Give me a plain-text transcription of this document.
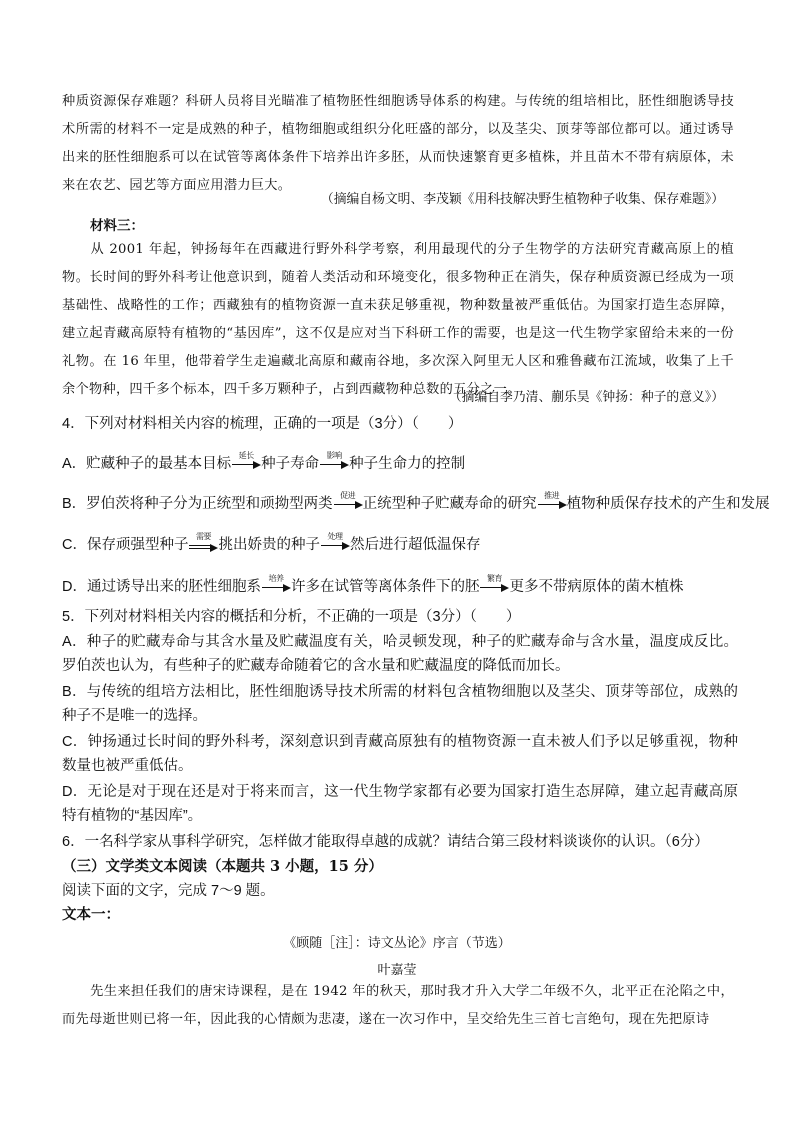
种质资源保存难题？科研人员将目光瞄准了植物胚性细胞诱导体系的构建。与传统的组培相比，胚性细胞诱导技术所需的材料不一定是成熟的种子，植物细胞或组织分化旺盛的部分，以及茎尖、顶芽等部位都可以。通过诱导出来的胚性细胞系可以在试管等离体条件下培养出许多胚，从而快速繁育更多植株，并且苗木不带有病原体，未来在农艺、园艺等方面应用潜力巨大。

（摘编自杨文明、李茂颖《用科技解决野生植物种子收集、保存难题》）

材料三：

从 2001 年起，钟扬每年在西藏进行野外科学考察，利用最现代的分子生物学的方法研究青藏高原上的植物。长时间的野外科考让他意识到，随着人类活动和环境变化，很多物种正在消失，保存种质资源已经成为一项基础性、战略性的工作；西藏独有的植物资源一直未获足够重视，物种数量被严重低估。为国家打造生态屏障，建立起青藏高原特有植物的“基因库”，这不仅是应对当下科研工作的需要，也是这一代生物学家留给未来的一份礼物。在 16 年里，他带着学生走遍藏北高原和藏南谷地，多次深入阿里无人区和雅鲁藏布江流域，收集了上千余个物种，四千多个标本，四千多万颗种子，占到西藏物种总数的五分之一。

（摘编自李乃清、蒯乐昊《钟扬：种子的意义》）

4．下列对材料相关内容的梳理，正确的一项是（3分）（　　）

A．贮藏种子的最基本目标
延长
种子寿命
影响
种子生命力的控制
B．罗伯茨将种子分为正统型和顽拗型两类
促进
正统型种子贮藏寿命的研究
推进
植物种质保存技术的产生和发展
C．保存顽强型种子
需要
挑出娇贵的种子
处理
然后进行超低温保存
D．通过诱导出来的胚性细胞系
培养
许多在试管等离体条件下的胚
繁育
更多不带病原体的菌木植株

5．下列对材料相关内容的概括和分析，不正确的一项是（3分）（　　）

A．种子的贮藏寿命与其含水量及贮藏温度有关，哈灵顿发现，种子的贮藏寿命与含水量，温度成反比。罗伯茨也认为，有些种子的贮藏寿命随着它的含水量和贮藏温度的降低而加长。

B．与传统的组培方法相比，胚性细胞诱导技术所需的材料包含植物细胞以及茎尖、顶芽等部位，成熟的种子不是唯一的选择。

C．钟扬通过长时间的野外科考，深刻意识到青藏高原独有的植物资源一直未被人们予以足够重视，物种数量也被严重低估。

D．无论是对于现在还是对于将来而言，这一代生物学家都有必要为国家打造生态屏障，建立起青藏高原特有植物的“基因库”。

6．一名科学家从事科学研究，怎样做才能取得卓越的成就？请结合第三段材料谈谈你的认识。（6分）

（三）文学类文本阅读（本题共 3 小题，15 分）

阅读下面的文字，完成 7～9 题。

文本一：

《顾随［注］：诗文丛论》序言（节选）

叶嘉莹

先生来担任我们的唐宋诗课程，是在 1942 年的秋天，那时我才升入大学二年级不久，北平正在沦陷之中，而先母逝世则已将一年，因此我的心情颇为悲凄，遂在一次习作中，呈交给先生三首七言绝句，现在先把原诗
